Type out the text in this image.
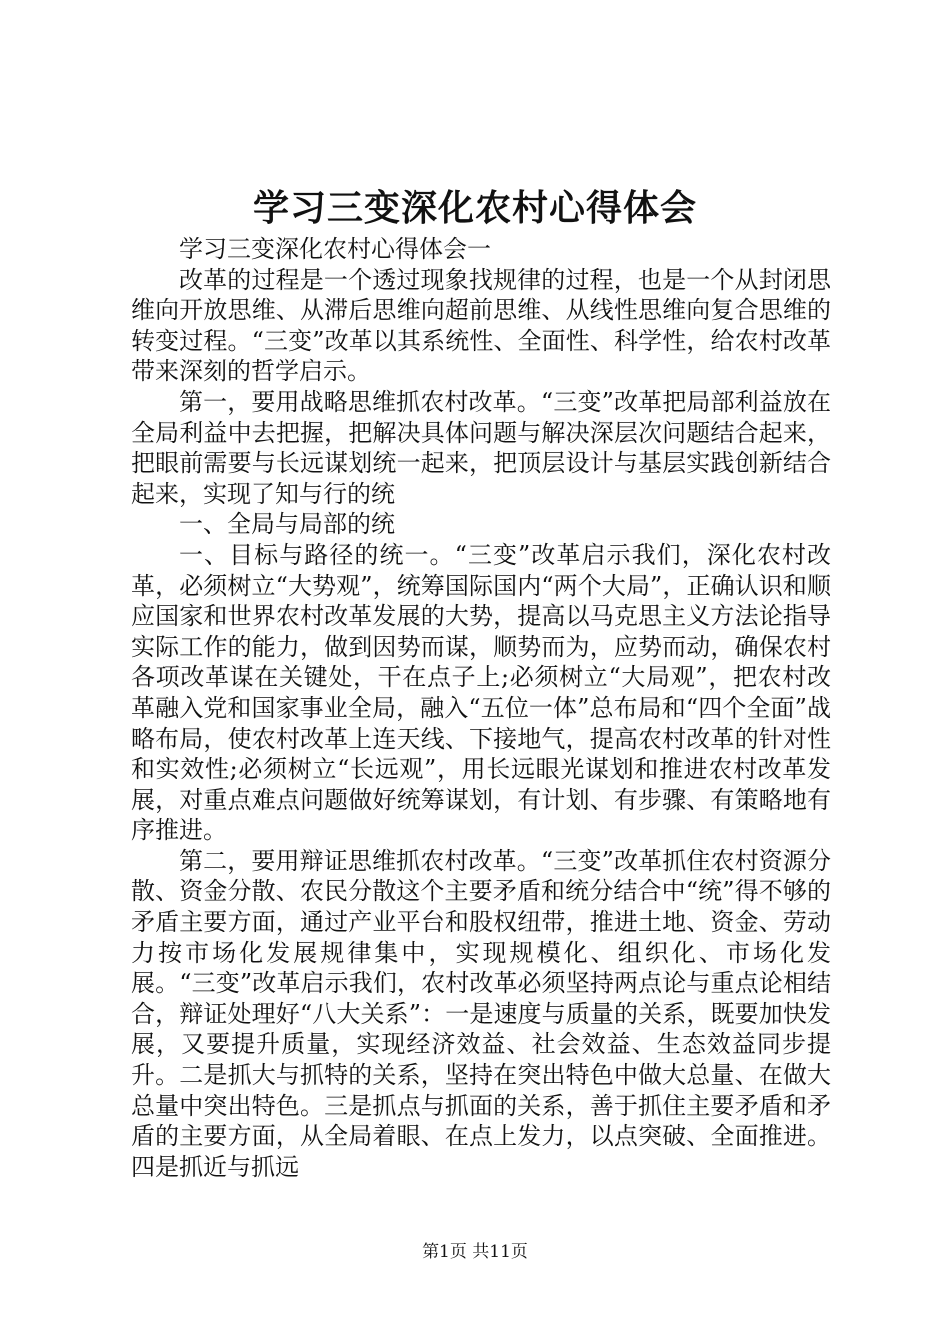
学习三变深化农村心得体会

学习三变深化农村心得体会一

改革的过程是一个透过现象找规律的过程，也是一个从封闭思维向开放思维、从滞后思维向超前思维、从线性思维向复合思维的转变过程。“三变”改革以其系统性、全面性、科学性，给农村改革带来深刻的哲学启示。

第一，要用战略思维抓农村改革。“三变”改革把局部利益放在全局利益中去把握，把解决具体问题与解决深层次问题结合起来，把眼前需要与长远谋划统一起来，把顶层设计与基层实践创新结合起来，实现了知与行的统

一、全局与局部的统

一、目标与路径的统一。“三变”改革启示我们，深化农村改革，必须树立“大势观”，统筹国际国内“两个大局”，正确认识和顺应国家和世界农村改革发展的大势，提高以马克思主义方法论指导实际工作的能力，做到因势而谋，顺势而为，应势而动，确保农村各项改革谋在关键处，干在点子上;必须树立“大局观”，把农村改革融入党和国家事业全局，融入“五位一体”总布局和“四个全面”战略布局，使农村改革上连天线、下接地气，提高农村改革的针对性和实效性;必须树立“长远观”，用长远眼光谋划和推进农村改革发展，对重点难点问题做好统筹谋划，有计划、有步骤、有策略地有序推进。

第二，要用辩证思维抓农村改革。“三变”改革抓住农村资源分散、资金分散、农民分散这个主要矛盾和统分结合中“统”得不够的矛盾主要方面，通过产业平台和股权纽带，推进土地、资金、劳动力按市场化发展规律集中，实现规模化、组织化、市场化发展。“三变”改革启示我们，农村改革必须坚持两点论与重点论相结合，辩证处理好“八大关系”：一是速度与质量的关系，既要加快发展，又要提升质量，实现经济效益、社会效益、生态效益同步提升。二是抓大与抓特的关系，坚持在突出特色中做大总量、在做大总量中突出特色。三是抓点与抓面的关系，善于抓住主要矛盾和矛盾的主要方面，从全局着眼、在点上发力，以点突破、全面推进。四是抓近与抓远

第1页 共11页
